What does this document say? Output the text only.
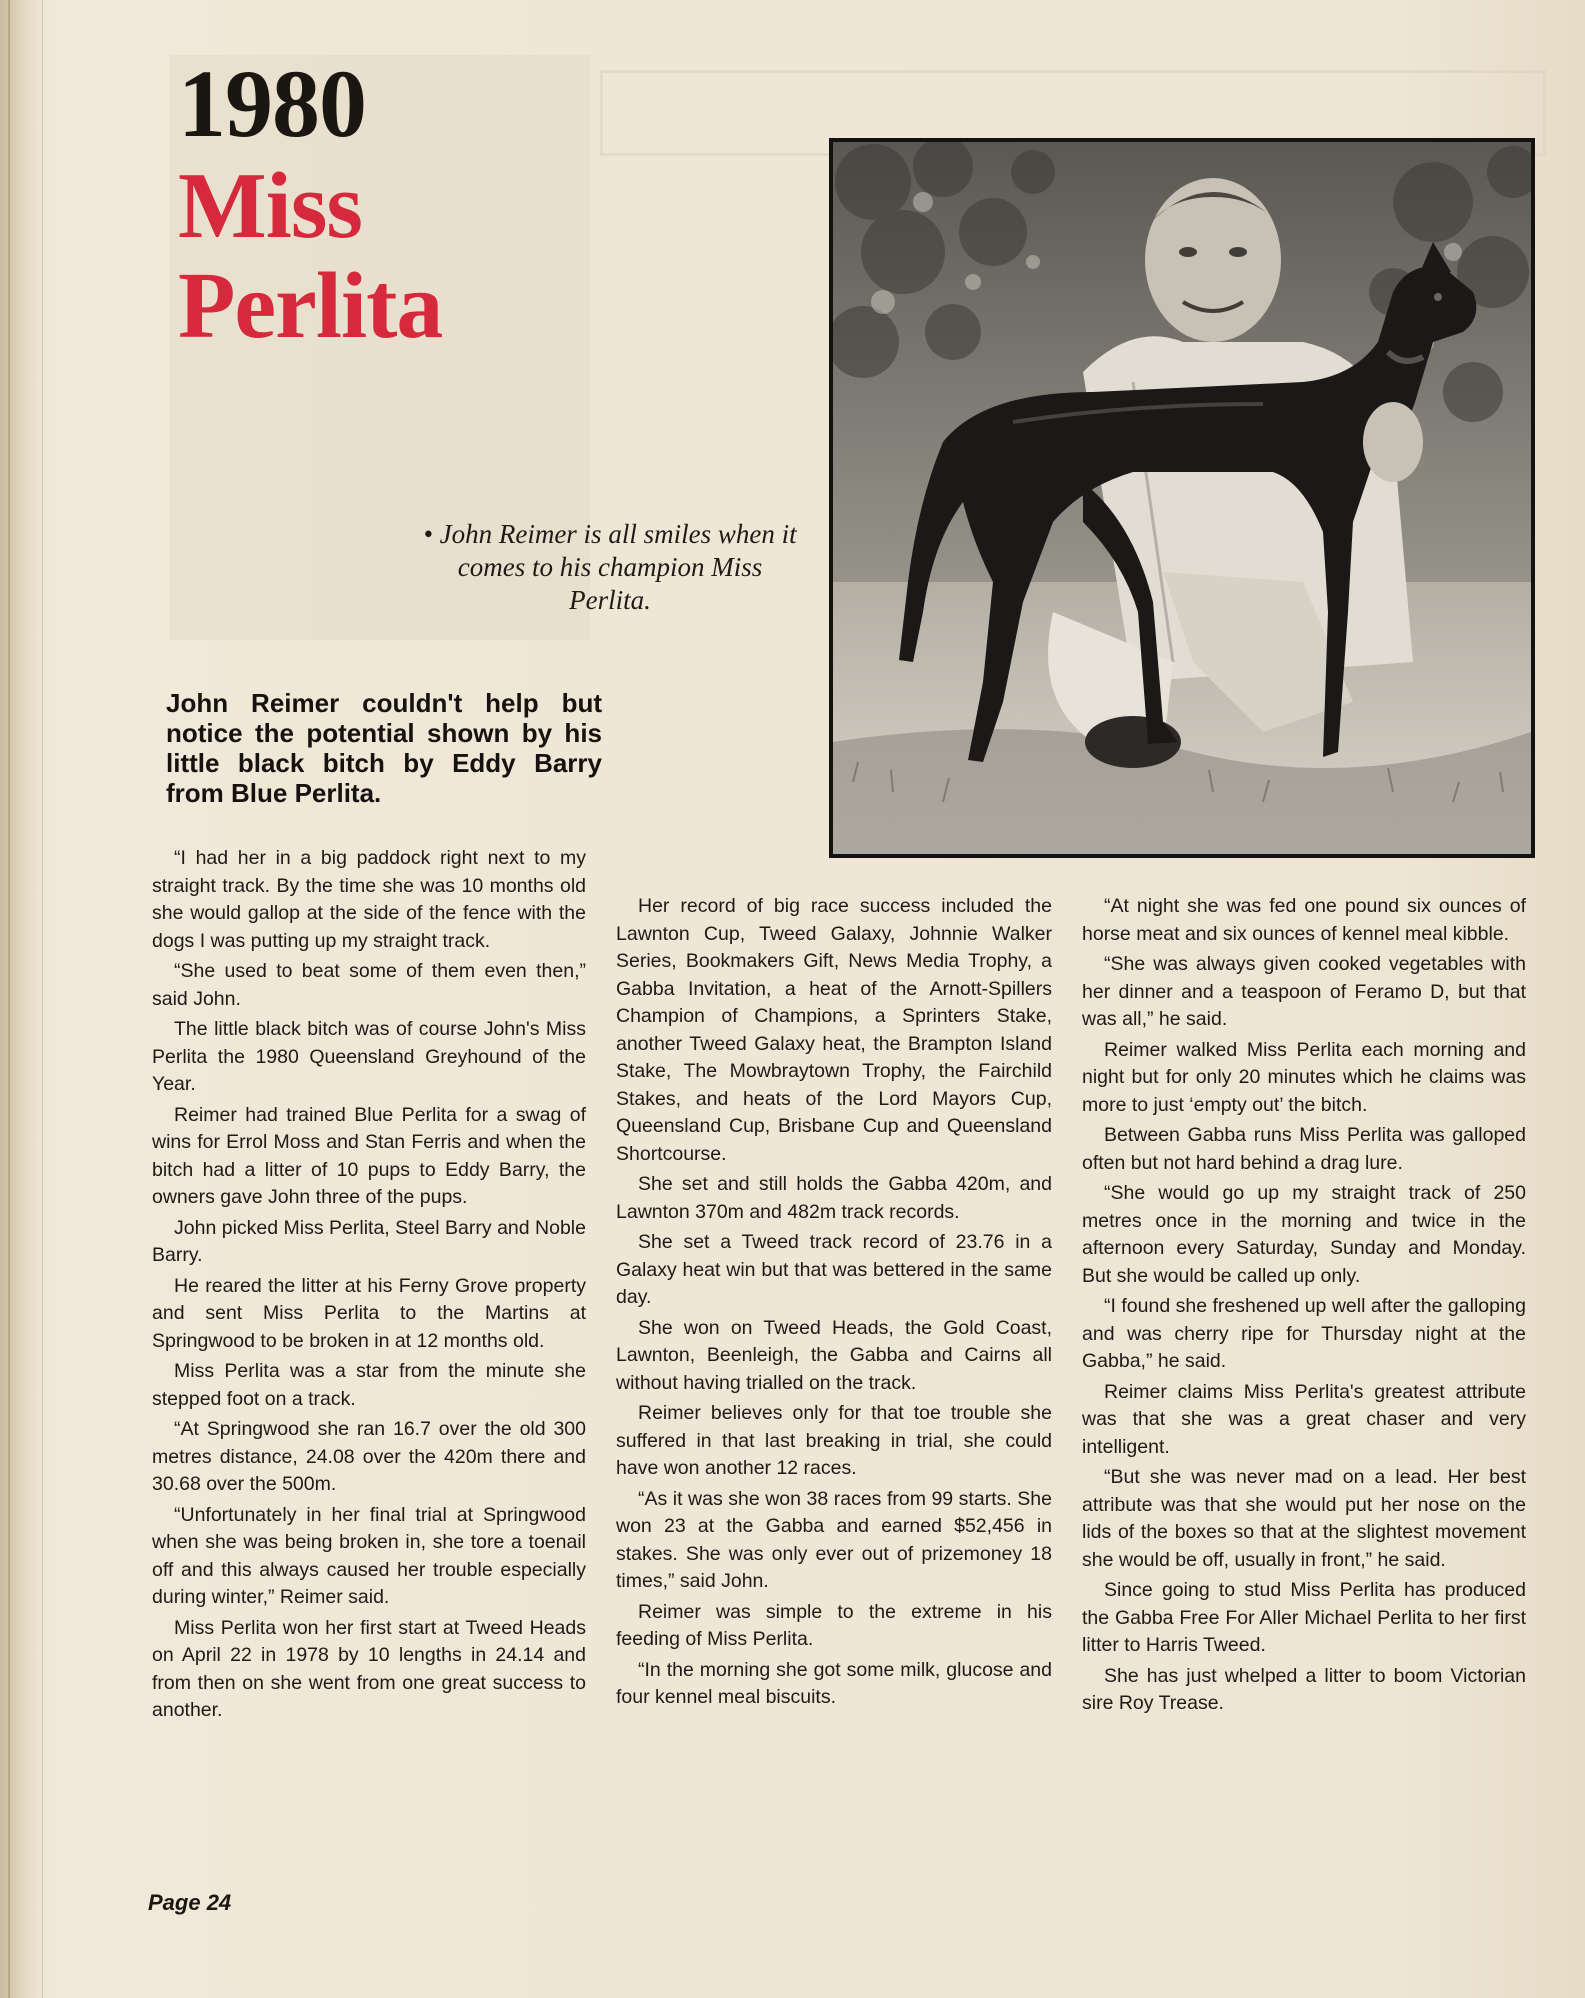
1980
Miss
Perlita
• John Reimer is all smiles when it comes to his champion Miss Perlita.
John Reimer couldn't help but notice the potential shown by his little black bitch by Eddy Barry from Blue Perlita.

“I had her in a big paddock right next to my straight track. By the time she was 10 months old she would gallop at the side of the fence with the dogs I was putting up my straight track.

“She used to beat some of them even then,” said John.

The little black bitch was of course John's Miss Perlita the 1980 Queensland Greyhound of the Year.

Reimer had trained Blue Perlita for a swag of wins for Errol Moss and Stan Ferris and when the bitch had a litter of 10 pups to Eddy Barry, the owners gave John three of the pups.

John picked Miss Perlita, Steel Barry and Noble Barry.

He reared the litter at his Ferny Grove property and sent Miss Perlita to the Martins at Springwood to be broken in at 12 months old.

Miss Perlita was a star from the minute she stepped foot on a track.

“At Springwood she ran 16.7 over the old 300 metres distance, 24.08 over the 420m there and 30.68 over the 500m.

“Unfortunately in her final trial at Springwood when she was being broken in, she tore a toenail off and this always caused her trouble especially during winter,” Reimer said.

Miss Perlita won her first start at Tweed Heads on April 22 in 1978 by 10 lengths in 24.14 and from then on she went from one great success to another.

Her record of big race success included the Lawnton Cup, Tweed Galaxy, Johnnie Walker Series, Bookmakers Gift, News Media Trophy, a Gabba Invitation, a heat of the Arnott-Spillers Champion of Champions, a Sprinters Stake, another Tweed Galaxy heat, the Brampton Island Stake, The Mowbraytown Trophy, the Fairchild Stakes, and heats of the Lord Mayors Cup, Queensland Cup, Brisbane Cup and Queensland Shortcourse.

She set and still holds the Gabba 420m, and Lawnton 370m and 482m track records.

She set a Tweed track record of 23.76 in a Galaxy heat win but that was bettered in the same day.

She won on Tweed Heads, the Gold Coast, Lawnton, Beenleigh, the Gabba and Cairns all without having trialled on the track.

Reimer believes only for that toe trouble she suffered in that last breaking in trial, she could have won another 12 races.

“As it was she won 38 races from 99 starts. She won 23 at the Gabba and earned $52,456 in stakes. She was only ever out of prizemoney 18 times,” said John.

Reimer was simple to the extreme in his feeding of Miss Perlita.

“In the morning she got some milk, glucose and four kennel meal biscuits.

“At night she was fed one pound six ounces of horse meat and six ounces of kennel meal kibble.

“She was always given cooked vegetables with her dinner and a teaspoon of Feramo D, but that was all,” he said.

Reimer walked Miss Perlita each morning and night but for only 20 minutes which he claims was more to just ‘empty out’ the bitch.

Between Gabba runs Miss Perlita was galloped often but not hard behind a drag lure.

“She would go up my straight track of 250 metres once in the morning and twice in the afternoon every Saturday, Sunday and Monday. But she would be called up only.

“I found she freshened up well after the galloping and was cherry ripe for Thursday night at the Gabba,” he said.

Reimer claims Miss Perlita's greatest attribute was that she was a great chaser and very intelligent.

“But she was never mad on a lead. Her best attribute was that she would put her nose on the lids of the boxes so that at the slightest movement she would be off, usually in front,” he said.

Since going to stud Miss Perlita has produced the Gabba Free For Aller Michael Perlita to her first litter to Harris Tweed.

She has just whelped a litter to boom Victorian sire Roy Trease.

Page 24
